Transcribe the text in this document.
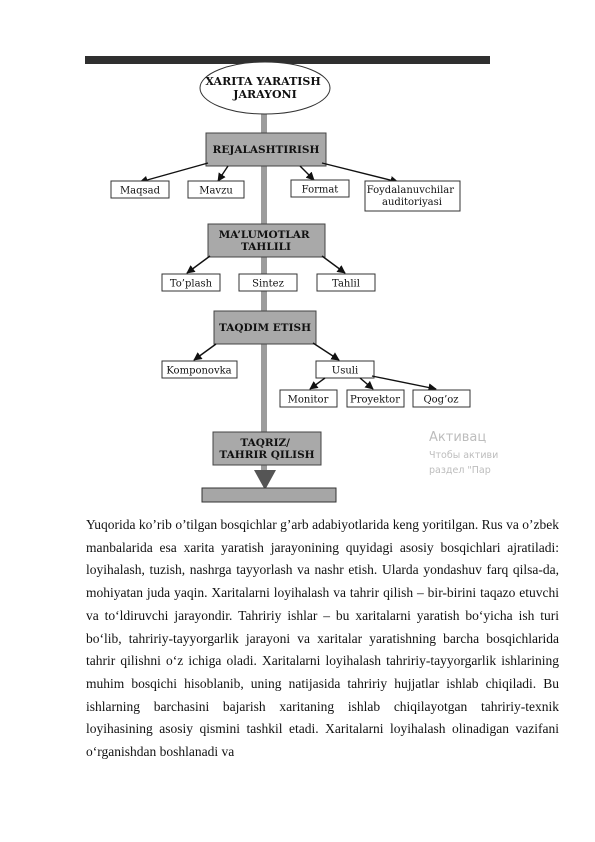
XARITA YARATISH JARAYONI
REJALASHTIRISH
Maqsad	Mavzu	Format	Foydalanuvchilar auditoriyasi
MA’LUMOTLAR TAHLILI
To’plash	Sintez	Tahlil
TAQDIM ETISH
Komponovka	Usuli
Monitor Proyektor Qog’oz
TAQRIZ/ TAHRIR QILISH
Активац
Чтобы активи
раздел "Пар
Yuqorida ko’rib o’tilgan bosqichlar g’arb adabiyotlarida keng yoritilgan. Rus va o’zbek manbalarida esa xarita yaratish jarayonining quyidagi asosiy bosqichlari ajratiladi: loyihalash, tuzish, nashrga tayyorlash va nashr etish. Ularda yondashuv farq qilsa-da, mohiyatan juda yaqin. Xaritalarni loyihalash va tahrir qilish – bir-birini taqazo etuvchi va to‘ldiruvchi jarayondir. Tahririy ishlar – bu xaritalarni yaratish bo‘yicha ish turi bo‘lib, tahririy-tayyorgarlik jarayoni va xaritalar yaratishning barcha bosqichlarida tahrir qilishni o‘z ichiga oladi. Xaritalarni loyihalash tahririy-tayyorgarlik ishlarining muhim bosqichi hisoblanib, uning natijasida tahririy hujjatlar ishlab chiqiladi. Bu ishlarning barchasini bajarish xaritaning ishlab chiqilayotgan tahririy-texnik loyihasining asosiy qismini tashkil etadi. Xaritalarni loyihalash olinadigan vazifani o‘rganishdan boshlanadi va
